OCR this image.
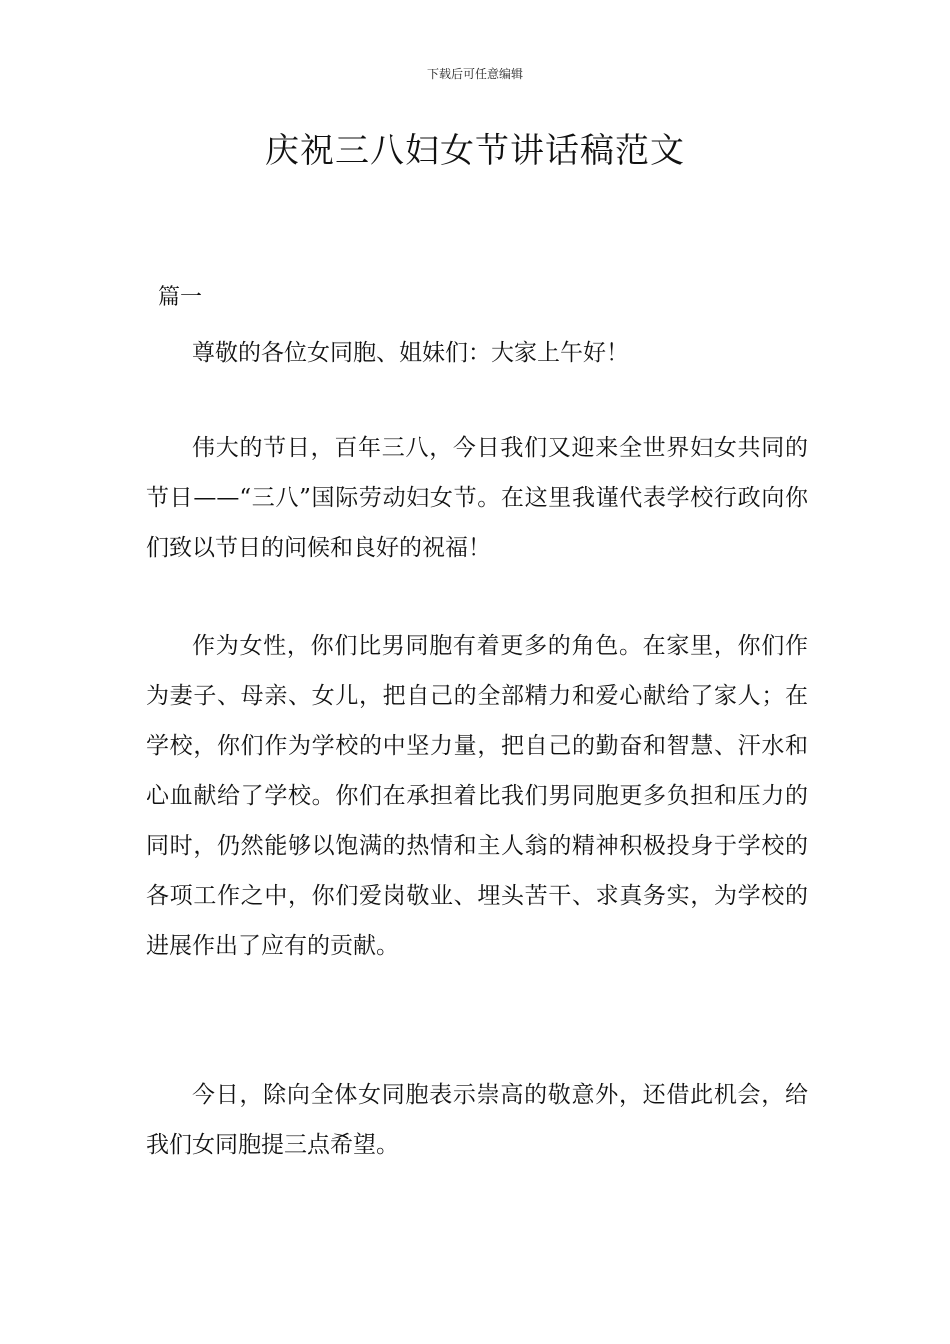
下载后可任意编辑
庆祝三八妇女节讲话稿范文
篇一

尊敬的各位女同胞、姐妹们：大家上午好！

伟大的节日，百年三八，今日我们又迎来全世界妇女共同的节日——“三八”国际劳动妇女节。在这里我谨代表学校行政向你们致以节日的问候和良好的祝福！

作为女性，你们比男同胞有着更多的角色。在家里，你们作为妻子、母亲、女儿，把自己的全部精力和爱心献给了家人；在学校，你们作为学校的中坚力量，把自己的勤奋和智慧、汗水和心血献给了学校。你们在承担着比我们男同胞更多负担和压力的同时，仍然能够以饱满的热情和主人翁的精神积极投身于学校的各项工作之中，你们爱岗敬业、埋头苦干、求真务实，为学校的进展作出了应有的贡献。

今日，除向全体女同胞表示崇高的敬意外，还借此机会，给我们女同胞提三点希望。
